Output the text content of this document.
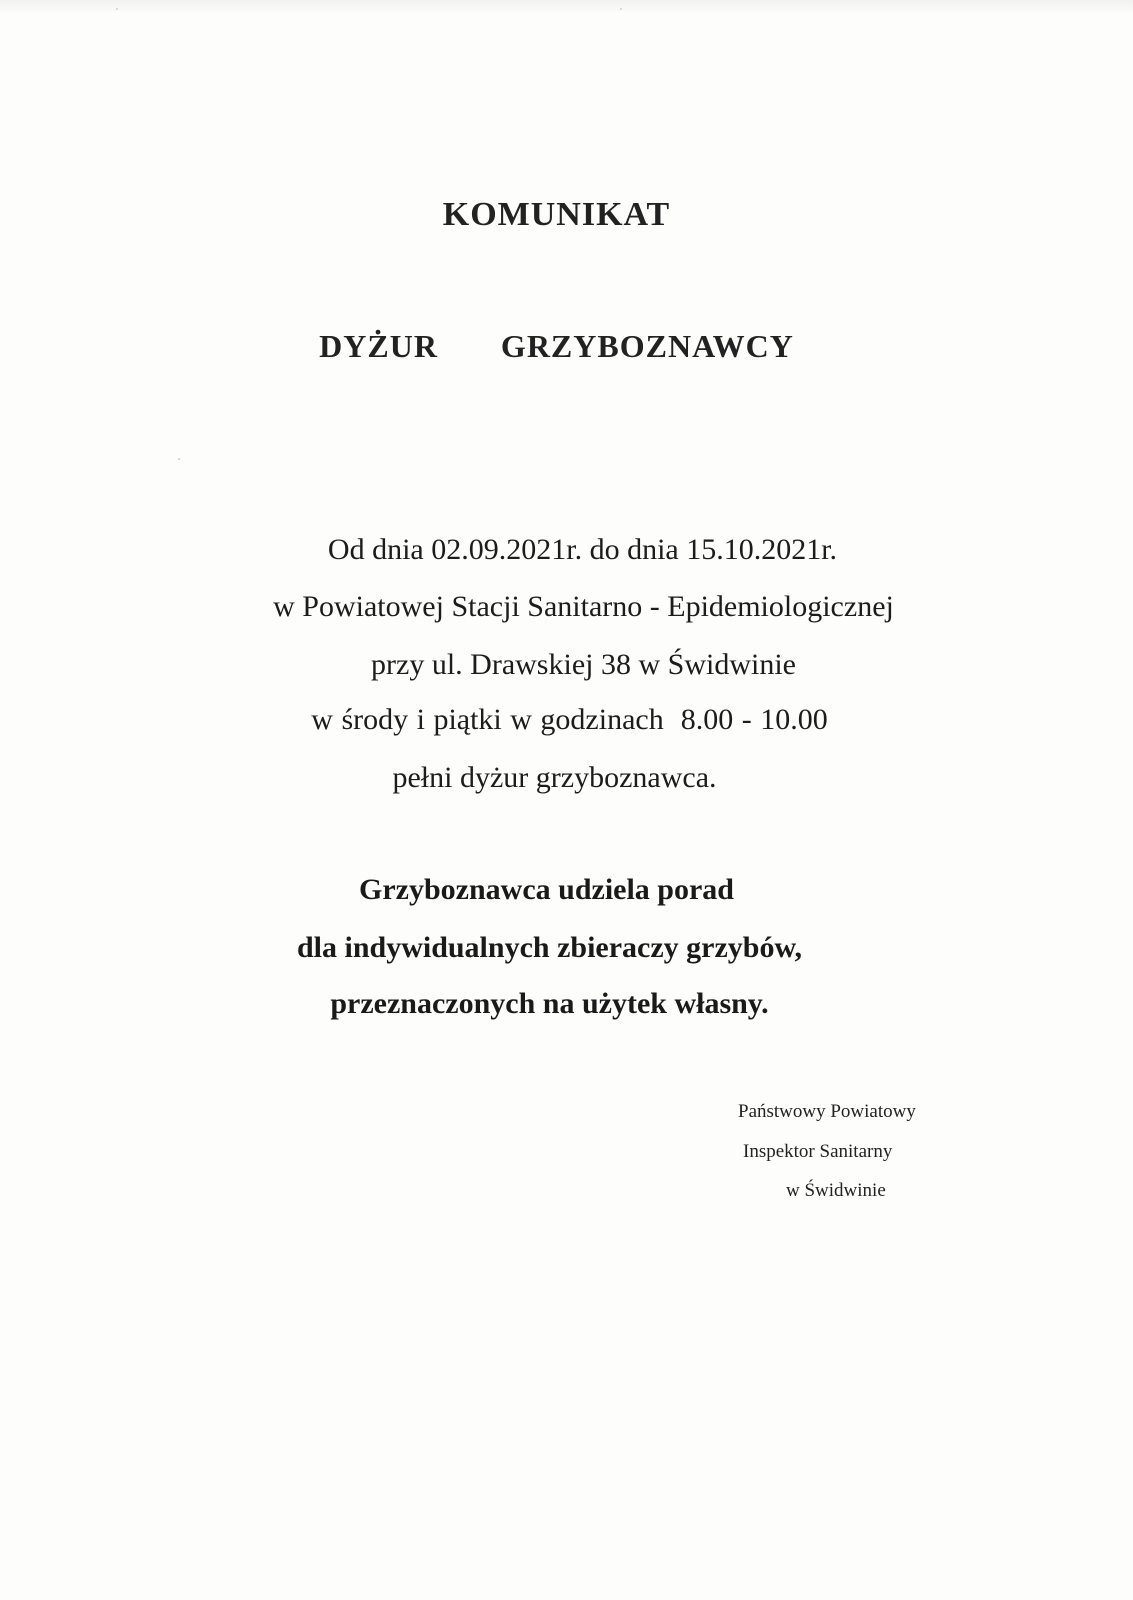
KOMUNIKAT
DYŻUR   GRZYBOZNAWCY
Od dnia 02.09.2021r. do dnia 15.10.2021r.
w Powiatowej Stacji Sanitarno - Epidemiologicznej
przy ul. Drawskiej 38 w Świdwinie
w środy i piątki w godzinach  8.00 - 10.00
pełni dyżur grzyboznawca.
Grzyboznawca udziela porad
dla indywidualnych zbieraczy grzybów,
przeznaczonych na użytek własny.
Państwowy Powiatowy
Inspektor Sanitarny
w Świdwinie
